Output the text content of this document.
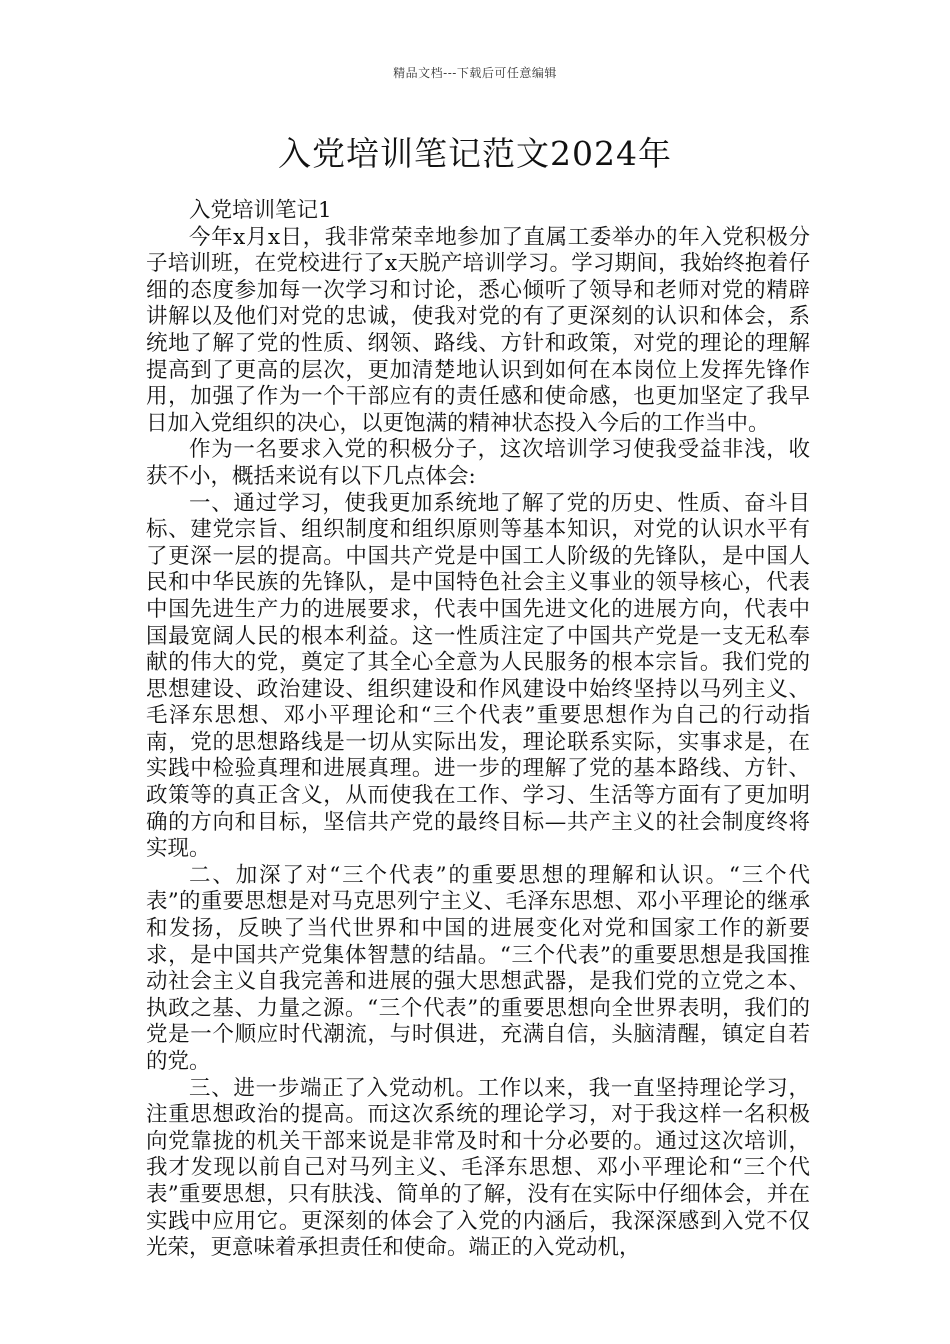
精品文档---下载后可任意编辑
入党培训笔记范文2024年

入党培训笔记1

今年x月x日，我非常荣幸地参加了直属工委举办的年入党积极分子培训班，在党校进行了x天脱产培训学习。学习期间，我始终抱着仔细的态度参加每一次学习和讨论，悉心倾听了领导和老师对党的精辟讲解以及他们对党的忠诚，使我对党的有了更深刻的认识和体会，系统地了解了党的性质、纲领、路线、方针和政策，对党的理论的理解提高到了更高的层次，更加清楚地认识到如何在本岗位上发挥先锋作用，加强了作为一个干部应有的责任感和使命感，也更加坚定了我早日加入党组织的决心，以更饱满的精神状态投入今后的工作当中。

作为一名要求入党的积极分子，这次培训学习使我受益非浅，收获不小，概括来说有以下几点体会:

一、通过学习，使我更加系统地了解了党的历史、性质、奋斗目标、建党宗旨、组织制度和组织原则等基本知识，对党的认识水平有了更深一层的提高。中国共产党是中国工人阶级的先锋队，是中国人民和中华民族的先锋队，是中国特色社会主义事业的领导核心，代表中国先进生产力的进展要求，代表中国先进文化的进展方向，代表中国最宽阔人民的根本利益。这一性质注定了中国共产党是一支无私奉献的伟大的党，奠定了其全心全意为人民服务的根本宗旨。我们党的思想建设、政治建设、组织建设和作风建设中始终坚持以马列主义、毛泽东思想、邓小平理论和“三个代表”重要思想作为自己的行动指南，党的思想路线是一切从实际出发，理论联系实际，实事求是，在实践中检验真理和进展真理。进一步的理解了党的基本路线、方针、政策等的真正含义，从而使我在工作、学习、生活等方面有了更加明确的方向和目标，坚信共产党的最终目标—共产主义的社会制度终将实现。

二、加深了对“三个代表”的重要思想的理解和认识。“三个代表”的重要思想是对马克思列宁主义、毛泽东思想、邓小平理论的继承和发扬，反映了当代世界和中国的进展变化对党和国家工作的新要求，是中国共产党集体智慧的结晶。“三个代表”的重要思想是我国推动社会主义自我完善和进展的强大思想武器，是我们党的立党之本、执政之基、力量之源。“三个代表”的重要思想向全世界表明，我们的党是一个顺应时代潮流，与时俱进，充满自信，头脑清醒，镇定自若的党。

三、进一步端正了入党动机。工作以来，我一直坚持理论学习，注重思想政治的提高。而这次系统的理论学习，对于我这样一名积极向党靠拢的机关干部来说是非常及时和十分必要的。通过这次培训，我才发现以前自己对马列主义、毛泽东思想、邓小平理论和“三个代表”重要思想，只有肤浅、简单的了解，没有在实际中仔细体会，并在实践中应用它。更深刻的体会了入党的内涵后，我深深感到入党不仅光荣，更意味着承担责任和使命。端正的入党动机，
